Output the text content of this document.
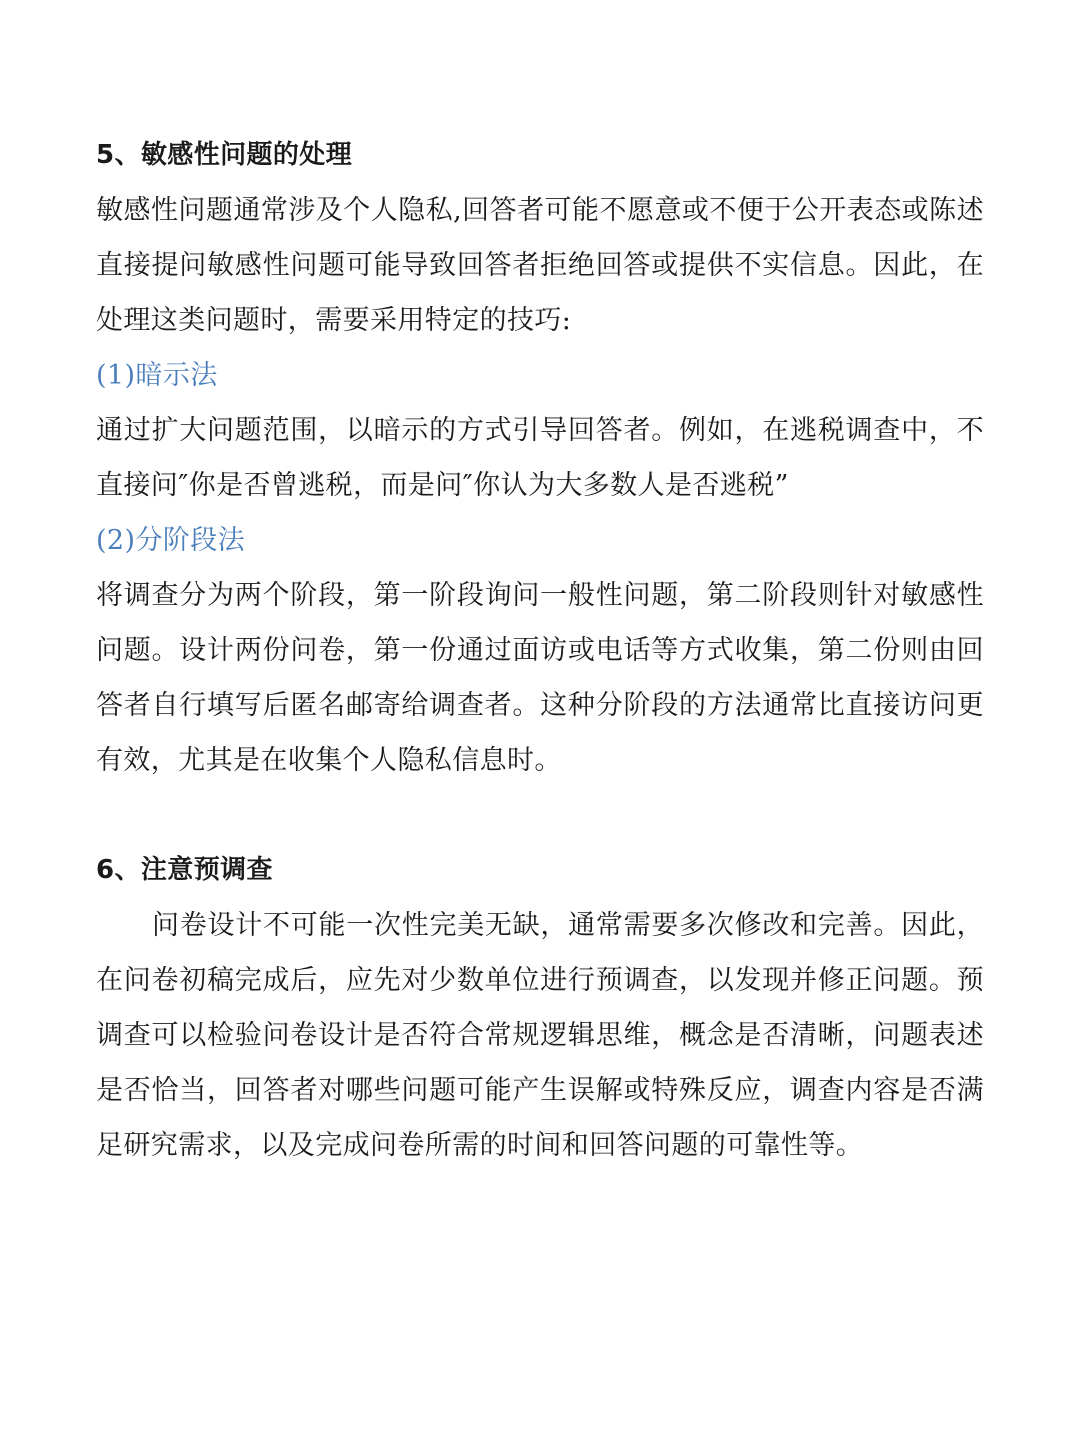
5、敏感性问题的处理

敏感性问题通常涉及个人隐私,回答者可能不愿意或不便于公开表态或陈述直接提问敏感性问题可能导致回答者拒绝回答或提供不实信息。因此，在处理这类问题时，需要采用特定的技巧:

(1)暗示法

通过扩大问题范围，以暗示的方式引导回答者。例如，在逃税调查中，不直接问″你是否曾逃税，而是问″你认为大多数人是否逃税”

(2)分阶段法

将调查分为两个阶段，第一阶段询问一般性问题，第二阶段则针对敏感性问题。设计两份问卷，第一份通过面访或电话等方式收集，第二份则由回答者自行填写后匿名邮寄给调查者。这种分阶段的方法通常比直接访问更有效，尤其是在收集个人隐私信息时。

6、注意预调查

问卷设计不可能一次性完美无缺，通常需要多次修改和完善。因此，在问卷初稿完成后，应先对少数单位进行预调查，以发现并修正问题。预调查可以检验问卷设计是否符合常规逻辑思维，概念是否清晰，问题表述是否恰当，回答者对哪些问题可能产生误解或特殊反应，调查内容是否满足研究需求，以及完成问卷所需的时间和回答问题的可靠性等。
